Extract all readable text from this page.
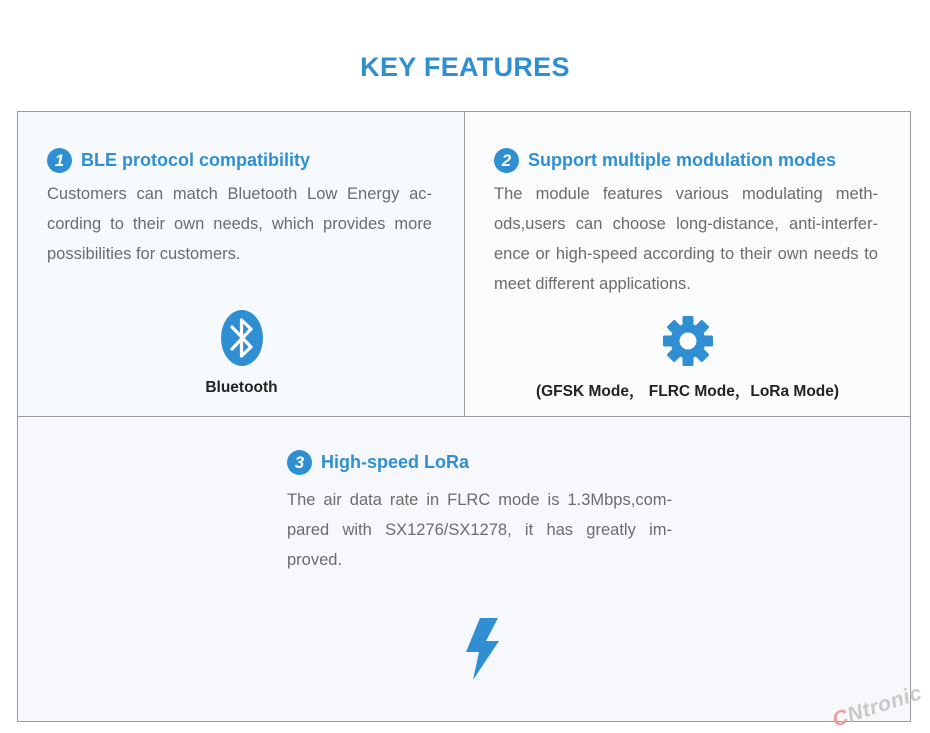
KEY FEATURES
1 BLE protocol compatibility
Customers can match Bluetooth Low Energy ac-cording to their own needs, which provides more possibilities for customers.
Bluetooth
2 Support multiple modulation modes
The module features various modulating meth-ods,users can choose long-distance, anti-interfer-ence or high-speed according to their own needs to meet different applications.
(GFSK Mode， FLRC Mode，LoRa Mode)
3 High-speed LoRa
The air data rate in FLRC mode is 1.3Mbps,com-pared with SX1276/SX1278, it has greatly im-proved.
CNtronic
